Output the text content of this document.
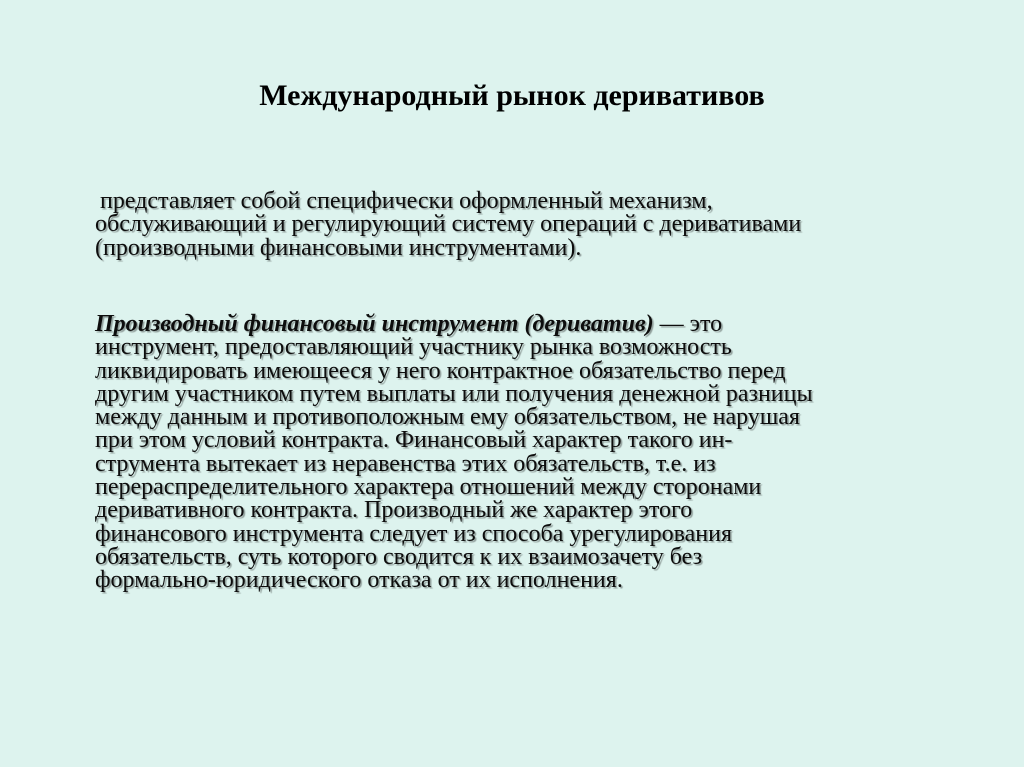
Международный рынок деривативов
представляет собой специфически оформленный механизм,
обслуживающий и регулирующий систему операций с деривативами
(производными финансовыми инструментами).
Производный финансовый инструмент (дериватив) — это
инструмент, предоставляющий участнику рынка возможность
ликвидировать имеющееся у него контрактное обязательство перед
другим участником путем выплаты или получения денежной разницы
между данным и противоположным ему обязательством, не нарушая
при этом условий контракта. Финансовый характер такого ин-
струмента вытекает из неравенства этих обязательств, т.е. из
перераспределительного характера отношений между сторонами
деривативного контракта. Производный же характер этого
финансового инструмента следует из способа урегулирования
обязательств, суть которого сводится к их взаимозачету без
формально-юридического отказа от их исполнения.
